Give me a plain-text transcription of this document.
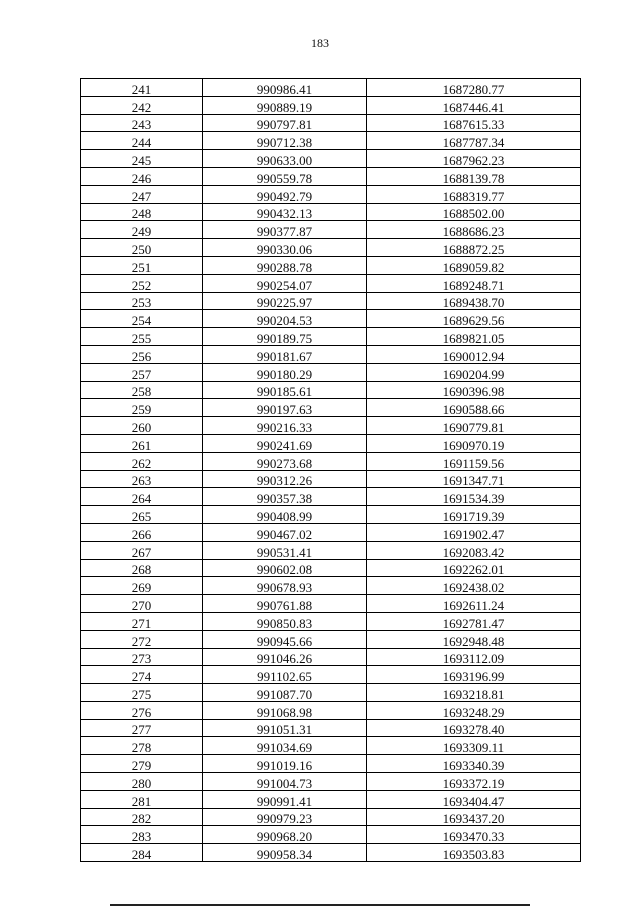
183
241	990986.41	1687280.77
242	990889.19	1687446.41
243	990797.81	1687615.33
244	990712.38	1687787.34
245	990633.00	1687962.23
246	990559.78	1688139.78
247	990492.79	1688319.77
248	990432.13	1688502.00
249	990377.87	1688686.23
250	990330.06	1688872.25
251	990288.78	1689059.82
252	990254.07	1689248.71
253	990225.97	1689438.70
254	990204.53	1689629.56
255	990189.75	1689821.05
256	990181.67	1690012.94
257	990180.29	1690204.99
258	990185.61	1690396.98
259	990197.63	1690588.66
260	990216.33	1690779.81
261	990241.69	1690970.19
262	990273.68	1691159.56
263	990312.26	1691347.71
264	990357.38	1691534.39
265	990408.99	1691719.39
266	990467.02	1691902.47
267	990531.41	1692083.42
268	990602.08	1692262.01
269	990678.93	1692438.02
270	990761.88	1692611.24
271	990850.83	1692781.47
272	990945.66	1692948.48
273	991046.26	1693112.09
274	991102.65	1693196.99
275	991087.70	1693218.81
276	991068.98	1693248.29
277	991051.31	1693278.40
278	991034.69	1693309.11
279	991019.16	1693340.39
280	991004.73	1693372.19
281	990991.41	1693404.47
282	990979.23	1693437.20
283	990968.20	1693470.33
284	990958.34	1693503.83
